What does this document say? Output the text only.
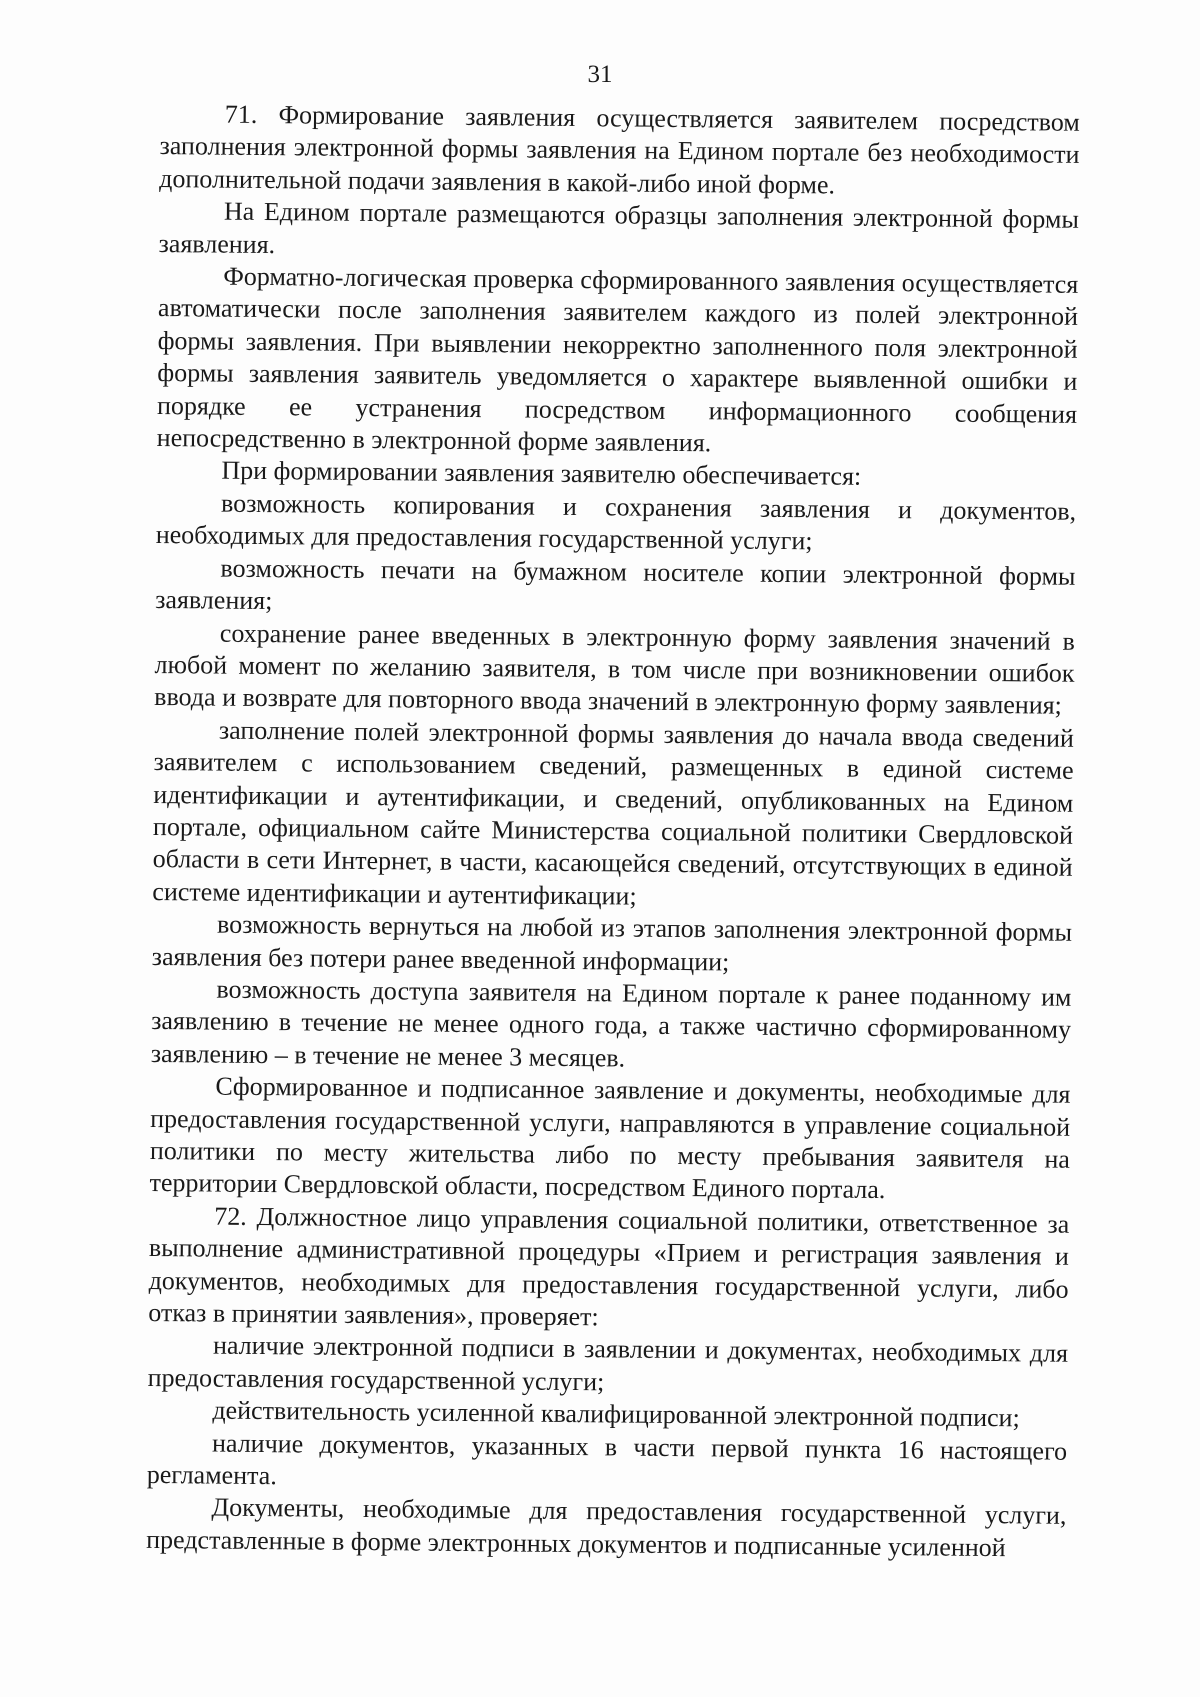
31

71. Формирование заявления осуществляется заявителем посредством заполнения электронной формы заявления на Едином портале без необходимости дополнительной подачи заявления в какой-либо иной форме.

На Едином портале размещаются образцы заполнения электронной формы заявления.

Форматно-логическая проверка сформированного заявления осуществляется автоматически после заполнения заявителем каждого из полей электронной формы заявления. При выявлении некорректно заполненного поля электронной формы заявления заявитель уведомляется о характере выявленной ошибки и порядке ее устранения посредством информационного сообщения непосредственно в электронной форме заявления.

При формировании заявления заявителю обеспечивается:

возможность копирования и сохранения заявления и документов, необходимых для предоставления государственной услуги;

возможность печати на бумажном носителе копии электронной формы заявления;

сохранение ранее введенных в электронную форму заявления значений в любой момент по желанию заявителя, в том числе при возникновении ошибок ввода и возврате для повторного ввода значений в электронную форму заявления;

заполнение полей электронной формы заявления до начала ввода сведений заявителем с использованием сведений, размещенных в единой системе идентификации и аутентификации, и сведений, опубликованных на Едином портале, официальном сайте Министерства социальной политики Свердловской области в сети Интернет, в части, касающейся сведений, отсутствующих в единой системе идентификации и аутентификации;

возможность вернуться на любой из этапов заполнения электронной формы заявления без потери ранее введенной информации;

возможность доступа заявителя на Едином портале к ранее поданному им заявлению в течение не менее одного года, а также частично сформированному заявлению – в течение не менее 3 месяцев.

Сформированное и подписанное заявление и документы, необходимые для предоставления государственной услуги, направляются в управление социальной политики по месту жительства либо по месту пребывания заявителя на территории Свердловской области, посредством Единого портала.

72. Должностное лицо управления социальной политики, ответственное за выполнение административной процедуры «Прием и регистрация заявления и документов, необходимых для предоставления государственной услуги, либо отказ в принятии заявления», проверяет:

наличие электронной подписи в заявлении и документах, необходимых для предоставления государственной услуги;

действительность усиленной квалифицированной электронной подписи;

наличие документов, указанных в части первой пункта 16 настоящего регламента.

Документы, необходимые для предоставления государственной услуги, представленные в форме электронных документов и подписанные усиленной
